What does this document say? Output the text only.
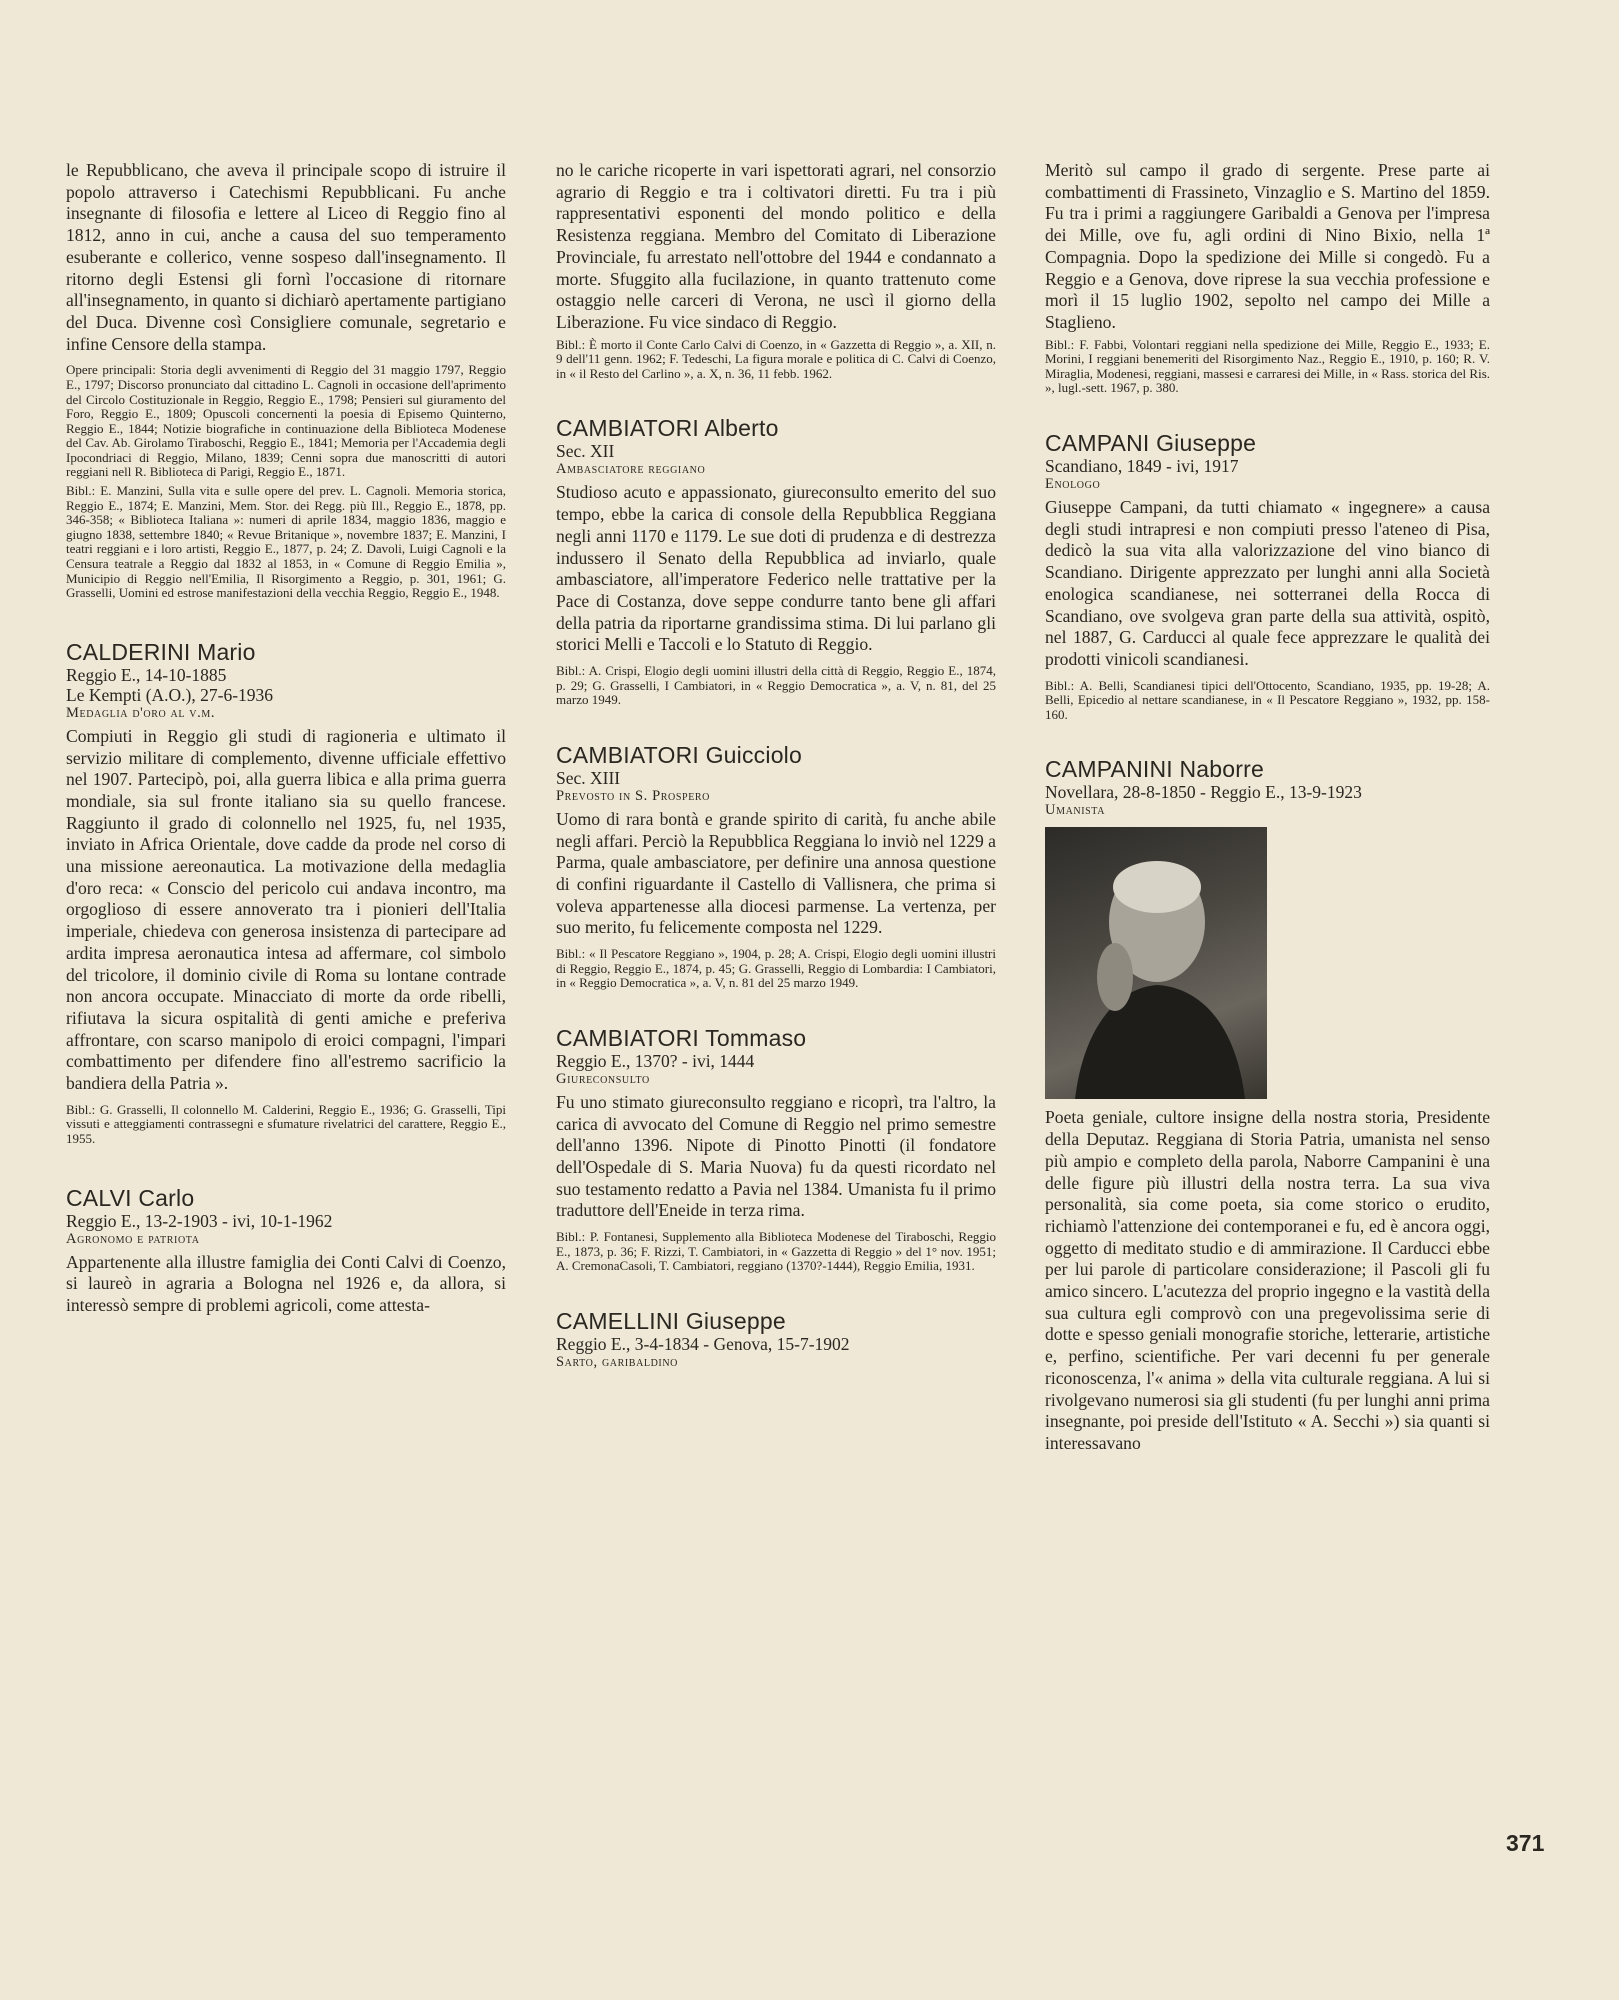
le Repubblicano, che aveva il principale scopo di istruire il popolo attraverso i Catechismi Repubblicani. Fu anche insegnante di filosofia e lettere al Liceo di Reggio fino al 1812, anno in cui, anche a causa del suo temperamento esuberante e collerico, venne sospeso dall'insegnamento. Il ritorno degli Estensi gli fornì l'occasione di ritornare all'insegnamento, in quanto si dichiarò apertamente partigiano del Duca. Divenne così Consigliere comunale, segretario e infine Censore della stampa.

Opere principali: Storia degli avvenimenti di Reggio del 31 maggio 1797, Reggio E., 1797; Discorso pronunciato dal cittadino L. Cagnoli in occasione dell'aprimento del Circolo Costituzionale in Reggio, Reggio E., 1798; Pensieri sul giuramento del Foro, Reggio E., 1809; Opuscoli concernenti la poesia di Episemo Quinterno, Reggio E., 1844; Notizie biografiche in continuazione della Biblioteca Modenese del Cav. Ab. Girolamo Tiraboschi, Reggio E., 1841; Memoria per l'Accademia degli Ipocondriaci di Reggio, Milano, 1839; Cenni sopra due manoscritti di autori reggiani nell R. Biblioteca di Parigi, Reggio E., 1871.

Bibl.: E. Manzini, Sulla vita e sulle opere del prev. L. Cagnoli. Memoria storica, Reggio E., 1874; E. Manzini, Mem. Stor. dei Regg. più Ill., Reggio E., 1878, pp. 346-358; « Biblioteca Italiana »: numeri di aprile 1834, maggio 1836, maggio e giugno 1838, settembre 1840; « Revue Britanique », novembre 1837; E. Manzini, I teatri reggiani e i loro artisti, Reggio E., 1877, p. 24; Z. Davoli, Luigi Cagnoli e la Censura teatrale a Reggio dal 1832 al 1853, in « Comune di Reggio Emilia », Municipio di Reggio nell'Emilia, Il Risorgimento a Reggio, p. 301, 1961; G. Grasselli, Uomini ed estrose manifestazioni della vecchia Reggio, Reggio E., 1948.

CALDERINI Mario

Reggio E., 14-10-1885

Le Kempti (A.O.), 27-6-1936

Medaglia d'oro al v.m.

Compiuti in Reggio gli studi di ragioneria e ultimato il servizio militare di complemento, divenne ufficiale effettivo nel 1907. Partecipò, poi, alla guerra libica e alla prima guerra mondiale, sia sul fronte italiano sia su quello francese. Raggiunto il grado di colonnello nel 1925, fu, nel 1935, inviato in Africa Orientale, dove cadde da prode nel corso di una missione aereonautica. La motivazione della medaglia d'oro reca: « Conscio del pericolo cui andava incontro, ma orgoglioso di essere annoverato tra i pionieri dell'Italia imperiale, chiedeva con generosa insistenza di partecipare ad ardita impresa aeronautica intesa ad affermare, col simbolo del tricolore, il dominio civile di Roma su lontane contrade non ancora occupate. Minacciato di morte da orde ribelli, rifiutava la sicura ospitalità di genti amiche e preferiva affrontare, con scarso manipolo di eroici compagni, l'impari combattimento per difendere fino all'estremo sacrificio la bandiera della Patria ».

Bibl.: G. Grasselli, Il colonnello M. Calderini, Reggio E., 1936; G. Grasselli, Tipi vissuti e atteggiamenti contrassegni e sfumature rivelatrici del carattere, Reggio E., 1955.

CALVI Carlo

Reggio E., 13-2-1903 - ivi, 10-1-1962

Agronomo e patriota

Appartenente alla illustre famiglia dei Conti Calvi di Coenzo, si laureò in agraria a Bologna nel 1926 e, da allora, si interessò sempre di problemi agricoli, come attesta-

no le cariche ricoperte in vari ispettorati agrari, nel consorzio agrario di Reggio e tra i coltivatori diretti. Fu tra i più rappresentativi esponenti del mondo politico e della Resistenza reggiana. Membro del Comitato di Liberazione Provinciale, fu arrestato nell'ottobre del 1944 e condannato a morte. Sfuggito alla fucilazione, in quanto trattenuto come ostaggio nelle carceri di Verona, ne uscì il giorno della Liberazione. Fu vice sindaco di Reggio.

Bibl.: È morto il Conte Carlo Calvi di Coenzo, in « Gazzetta di Reggio », a. XII, n. 9 dell'11 genn. 1962; F. Tedeschi, La figura morale e politica di C. Calvi di Coenzo, in « il Resto del Carlino », a. X, n. 36, 11 febb. 1962.

CAMBIATORI Alberto

Sec. XII

Ambasciatore reggiano

Studioso acuto e appassionato, giureconsulto emerito del suo tempo, ebbe la carica di console della Repubblica Reggiana negli anni 1170 e 1179. Le sue doti di prudenza e di destrezza indussero il Senato della Repubblica ad inviarlo, quale ambasciatore, all'imperatore Federico nelle trattative per la Pace di Costanza, dove seppe condurre tanto bene gli affari della patria da riportarne grandissima stima. Di lui parlano gli storici Melli e Taccoli e lo Statuto di Reggio.

Bibl.: A. Crispi, Elogio degli uomini illustri della città di Reggio, Reggio E., 1874, p. 29; G. Grasselli, I Cambiatori, in « Reggio Democratica », a. V, n. 81, del 25 marzo 1949.

CAMBIATORI Guicciolo

Sec. XIII

Prevosto in S. Prospero

Uomo di rara bontà e grande spirito di carità, fu anche abile negli affari. Perciò la Repubblica Reggiana lo inviò nel 1229 a Parma, quale ambasciatore, per definire una annosa questione di confini riguardante il Castello di Vallisnera, che prima si voleva appartenesse alla diocesi parmense. La vertenza, per suo merito, fu felicemente composta nel 1229.

Bibl.: « Il Pescatore Reggiano », 1904, p. 28; A. Crispi, Elogio degli uomini illustri di Reggio, Reggio E., 1874, p. 45; G. Grasselli, Reggio di Lombardia: I Cambiatori, in « Reggio Democratica », a. V, n. 81 del 25 marzo 1949.

CAMBIATORI Tommaso

Reggio E., 1370? - ivi, 1444

Giureconsulto

Fu uno stimato giureconsulto reggiano e ricoprì, tra l'altro, la carica di avvocato del Comune di Reggio nel primo semestre dell'anno 1396. Nipote di Pinotto Pinotti (il fondatore dell'Ospedale di S. Maria Nuova) fu da questi ricordato nel suo testamento redatto a Pavia nel 1384. Umanista fu il primo traduttore dell'Eneide in terza rima.

Bibl.: P. Fontanesi, Supplemento alla Biblioteca Modenese del Tiraboschi, Reggio E., 1873, p. 36; F. Rizzi, T. Cambiatori, in « Gazzetta di Reggio » del 1° nov. 1951; A. CremonaCasoli, T. Cambiatori, reggiano (1370?-1444), Reggio Emilia, 1931.

CAMELLINI Giuseppe

Reggio E., 3-4-1834 - Genova, 15-7-1902

Sarto, garibaldino

Meritò sul campo il grado di sergente. Prese parte ai combattimenti di Frassineto, Vinzaglio e S. Martino del 1859. Fu tra i primi a raggiungere Garibaldi a Genova per l'impresa dei Mille, ove fu, agli ordini di Nino Bixio, nella 1ª Compagnia. Dopo la spedizione dei Mille si congedò. Fu a Reggio e a Genova, dove riprese la sua vecchia professione e morì il 15 luglio 1902, sepolto nel campo dei Mille a Staglieno.

Bibl.: F. Fabbi, Volontari reggiani nella spedizione dei Mille, Reggio E., 1933; E. Morini, I reggiani benemeriti del Risorgimento Naz., Reggio E., 1910, p. 160; R. V. Miraglia, Modenesi, reggiani, massesi e carraresi dei Mille, in « Rass. storica del Ris. », lugl.-sett. 1967, p. 380.

CAMPANI Giuseppe

Scandiano, 1849 - ivi, 1917

Enologo

Giuseppe Campani, da tutti chiamato « ingegnere» a causa degli studi intrapresi e non compiuti presso l'ateneo di Pisa, dedicò la sua vita alla valorizzazione del vino bianco di Scandiano. Dirigente apprezzato per lunghi anni alla Società enologica scandianese, nei sotterranei della Rocca di Scandiano, ove svolgeva gran parte della sua attività, ospitò, nel 1887, G. Carducci al quale fece apprezzare le qualità dei prodotti vinicoli scandianesi.

Bibl.: A. Belli, Scandianesi tipici dell'Ottocento, Scandiano, 1935, pp. 19-28; A. Belli, Epicedio al nettare scandianese, in « Il Pescatore Reggiano », 1932, pp. 158-160.

CAMPANINI Naborre

Novellara, 28-8-1850 - Reggio E., 13-9-1923

Umanista

Poeta geniale, cultore insigne della nostra storia, Presidente della Deputaz. Reggiana di Storia Patria, umanista nel senso più ampio e completo della parola, Naborre Campanini è una delle figure più illustri della nostra terra. La sua viva personalità, sia come poeta, sia come storico o erudito, richiamò l'attenzione dei contemporanei e fu, ed è ancora oggi, oggetto di meditato studio e di ammirazione. Il Carducci ebbe per lui parole di particolare considerazione; il Pascoli gli fu amico sincero. L'acutezza del proprio ingegno e la vastità della sua cultura egli comprovò con una pregevolissima serie di dotte e spesso geniali monografie storiche, letterarie, artistiche e, perfino, scientifiche. Per vari decenni fu per generale riconoscenza, l'« anima » della vita culturale reggiana. A lui si rivolgevano numerosi sia gli studenti (fu per lunghi anni prima insegnante, poi preside dell'Istituto « A. Secchi ») sia quanti si interessavano

371
